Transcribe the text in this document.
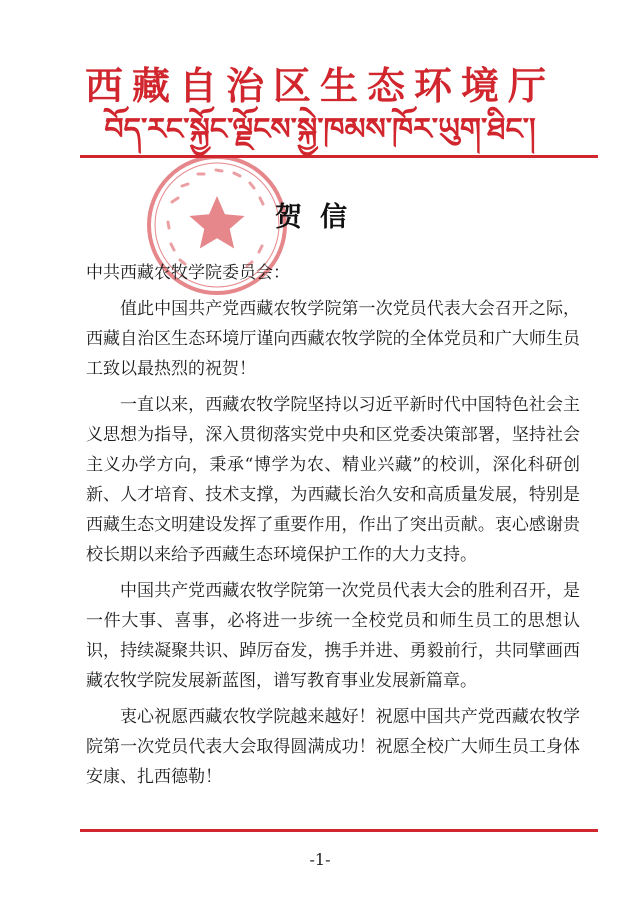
西藏自治区生态环境厅
བོད་རང་སྐྱོང་ལྗོངས་སྐྱེ་ཁམས་ཁོར་ཡུག་ཐིང་།
贺信

中共西藏农牧学院委员会：

值此中国共产党西藏农牧学院第一次党员代表大会召开之际，西藏自治区生态环境厅谨向西藏农牧学院的全体党员和广大师生员工致以最热烈的祝贺！

一直以来，西藏农牧学院坚持以习近平新时代中国特色社会主义思想为指导，深入贯彻落实党中央和区党委决策部署，坚持社会主义办学方向，秉承“博学为农、精业兴藏”的校训，深化科研创新、人才培育、技术支撑，为西藏长治久安和高质量发展，特别是西藏生态文明建设发挥了重要作用，作出了突出贡献。衷心感谢贵校长期以来给予西藏生态环境保护工作的大力支持。

中国共产党西藏农牧学院第一次党员代表大会的胜利召开，是一件大事、喜事，必将进一步统一全校党员和师生员工的思想认识，持续凝聚共识、踔厉奋发，携手并进、勇毅前行，共同擘画西藏农牧学院发展新蓝图，谱写教育事业发展新篇章。

衷心祝愿西藏农牧学院越来越好！祝愿中国共产党西藏农牧学院第一次党员代表大会取得圆满成功！祝愿全校广大师生员工身体安康、扎西德勒！

-1-
